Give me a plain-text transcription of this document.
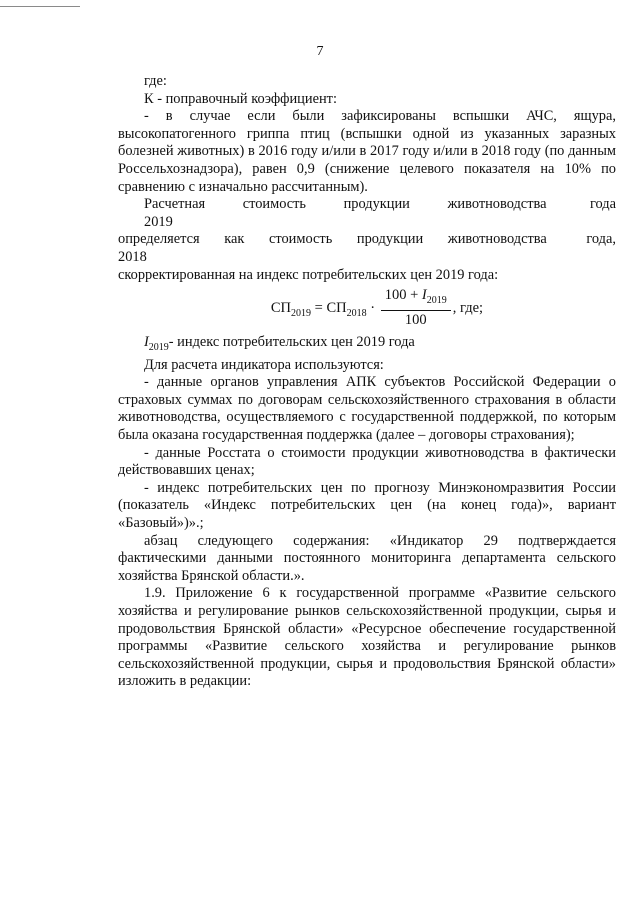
7

где:

К - поправочный коэффициент:

- в случае если были зафиксированы вспышки АЧС, ящура, высокопатогенного гриппа птиц (вспышки одной из указанных заразных болезней животных) в 2016 году и/или в 2017 году и/или в 2018 году (по данным Россельхознадзора), равен 0,9 (снижение целевого показателя на 10% по сравнению с изначально рассчитанным).

Расчетная стоимость продукции животноводства 2019
года
определяется как стоимость продукции животноводства 2018
года,

скорректированная на индекс потребительских цен 2019 года:

$СП_{2019} = СП_{2018} \cdot \frac{100 + I_{2019}}{100}$ , где;

$I_{2019}-$ индекс потребительских цен 2019 года

Для расчета индикатора используются:

- данные органов управления АПК субъектов Российской Федерации о страховых суммах по договорам сельскохозяйственного страхования в области животноводства, осуществляемого с государственной поддержкой, по которым была оказана государственная поддержка (далее – договоры страхования);

- данные Росстата о стоимости продукции животноводства в фактически действовавших ценах;

- индекс потребительских цен по прогнозу Минэкономразвития России (показатель «Индекс потребительских цен (на конец года)», вариант «Базовый»)».;

абзац следующего содержания: «Индикатор 29 подтверждается фактическими данными постоянного мониторинга департамента сельского хозяйства Брянской области.».

1.9. Приложение 6 к государственной программе «Развитие сельского хозяйства и регулирование рынков сельскохозяйственной продукции, сырья и продовольствия Брянской области» «Ресурсное обеспечение государственной программы «Развитие сельского хозяйства и регулирование рынков сельскохозяйственной продукции, сырья и продовольствия Брянской области» изложить в редакции:
